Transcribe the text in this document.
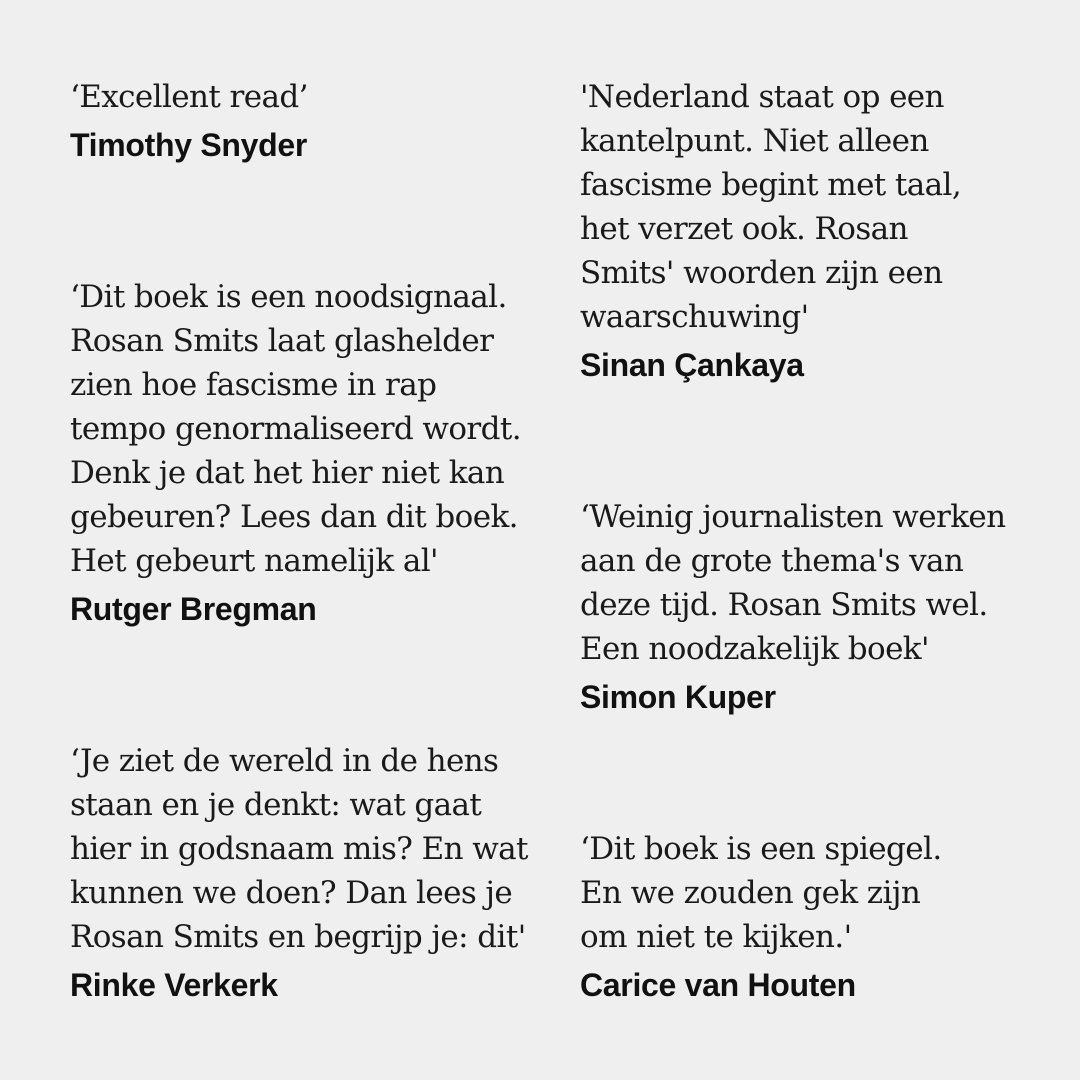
‘Excellent read’

Timothy Snyder

‘Dit boek is een noodsignaal.
Rosan Smits laat glashelder
zien hoe fascisme in rap
tempo genormaliseerd wordt.
Denk je dat het hier niet kan
gebeuren? Lees dan dit boek.
Het gebeurt namelijk al'

Rutger Bregman

‘Je ziet de wereld in de hens
staan en je denkt: wat gaat
hier in godsnaam mis? En wat
kunnen we doen? Dan lees je
Rosan Smits en begrijp je: dit'

Rinke Verkerk

'Nederland staat op een
kantelpunt. Niet alleen
fascisme begint met taal,
het verzet ook. Rosan
Smits' woorden zijn een
waarschuwing'

Sinan Çankaya

‘Weinig journalisten werken
aan de grote thema's van
deze tijd. Rosan Smits wel.
Een noodzakelijk boek'

Simon Kuper

‘Dit boek is een spiegel.
En we zouden gek zijn
om niet te kijken.'

Carice van Houten
